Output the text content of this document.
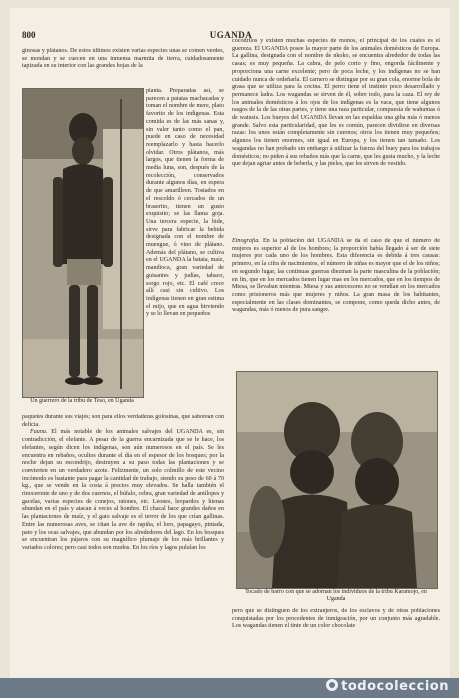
800	UGANDA

ginosas y plátanos. De estos últimos existen varias especies unas se comen verdes, se mondan y se cuecen en una inmensa marmita de tierra, cuidadosamente tapizada en su interior con las grandes hojas de la

planta. Preparadas así, se parecen a patatas machacadas y toman el nombre de mere, plato favorito de los indígenas. Esta comida es de las más sanas y, sin valer tanto como el pan, puede en caso de necesidad reemplazarlo y hasta hacerlo olvidar. Otros plátanos, más largos, que tienen la forma de media luna, son, después de la recolección, conservados durante algunos días, en espera de que amarilleen. Tostados en el rescoldo ó cercados de un braserito, tienen un gusto exquisito; se las llama goja. Una tercera especie, la bide, sirve para fabricar la bebida designada con el nombre de muengue, ó vino de plátano. Además del plátano, se cultiva en el UGANDA la batata, maíz, mandioca, gran variedad de guisantes y judías, tabaco, sorgo rojo, etc. El café crece allí casi sin cultivo. Los indígenas tienen en gran estima el mijo, que en agua hirviendo y se lo llevan en pequeños

Un guerrero de la tribu de Teso, en Uganda

paquetes durante sus viajes; son para ellos verdaderas golosinas, que saborean con delicia.

Fauna. El más notable de los animales salvajes del UGANDA es, sin contradicción, el elefante. A pesar de la guerra encarnizada que se le hace, los elefantes, según dicen los indígenas, son aún numerosos en el país. Se les encuentra en rebaños, ocultos durante el día en el espesor de los bosques; por la noche dejan su escondrijo, destruyen a su paso todas las plantaciones y se convierten en un verdadero azote. Felizmente, un solo colmillo de este vecino incómodo es bastante para pagar la cantidad de trabajo, siendo su peso de 60 á 70 kg., que se vende en la costa á precios muy elevados. Se halla también el rinoceronte de uno y de dos cuernos, el búfalo, cebra, gran variedad de antílopes y gacelas, varias especies de conejos, ratones, etc. Leones, leopardos y hienas abundan en el país y atacan á veces al hombre. El chacal hace grandes daños en las plantaciones de maíz, y el gato salvaje es el terror de los que crían gallinas. Entre las numerosas aves, se citan la ave de rapiña, el loro, papagayo, pintada, pato y los ocas salvajes, que abundan por los alrededores del lago. En los bosques se encuentran los pájaros con su magnífico plumaje de los más brillantes y variados colores; pero casi todos son mudos. En los ríos y lagos pululan los

cocodrilos y existen muchas especies de monos, el principal de los cuales es el guereza. El UGANDA posee la mayor parte de los animales domésticos de Europa. La gallina, designada con el nombre de nkoko, se encuentra alrededor de todas las casas; es muy pequeña. La cabra, de pelo corto y fino, engorda fácilmente y proporciona una carne excelente; pero de poca leche, y los indígenas no se han cuidado nunca de ordeñarla. El carnero se distingue por su gran cola, enorme bola de grasa que se utiliza para la cocina. El perro tiene el instinto poco desarrollado y permanece ladra. Los wagandas se sirven de él, sobre todo, para la caza. El rey de los animales domésticos á los ojos de los indígenas es la vaca, que tiene algunos rasgos de la de las otras partes, y tiene una raza particular, compuesta de wahumas ó de watusis. Los bueyes del UGANDA llevan en las espaldas una giba más ó menos grande. Salvo esta particularidad, que les es común, parecen dividirse en diversas razas: los unos están completamente sin cuernos; otros los tienen muy pequeños; algunos los tienen enormes, sin igual en Europa, y los tienen tan tamaño. Los wagandas no han probado sin embargo á utilizar la fuerza del buey para los trabajos domésticos; no piden á sus rebaños más que la carne, que les gusta mucho, y la leche que dejan agriar antes de beberla, y las pieles, que les sirven de vestido.

Etnografía. En la población del UGANDA se da el caso de que el número de mujeres es superior al de los hombres; la proporción había llegado á ser de siete mujeres por cada uno de los hombres. Esta diferencia es debida á tres causas: primero, en la cifra de nacimientos, el número de niñas es mayor que el de los niños; en segundo lugar, las continuas guerras diezman la parte masculina de la población; en fin, que en los mercados tienen lugar mas en los mercados, que en los tiempos de Mtesa, se llevaban mientras. Mtesa y sus antecesores no se vendían en los mercados como prisioneros más que mujeres y niños. La gran masa de los habitantes, especialmente en las clases dominantes, se compone, como queda dicho antes, de wagandas, más ó menos de pura sangre.

Tocado de barro con que se adornan los individuos de la tribu Karamojo, en Uganda

pero que se distinguen de los extranjeros, de los esclavos y de otras poblaciones conquistadas por los procedentes de inmigración, por un conjunto más agradable. Los wagandas tienen el tinte de un color chocolate

todocoleccion
